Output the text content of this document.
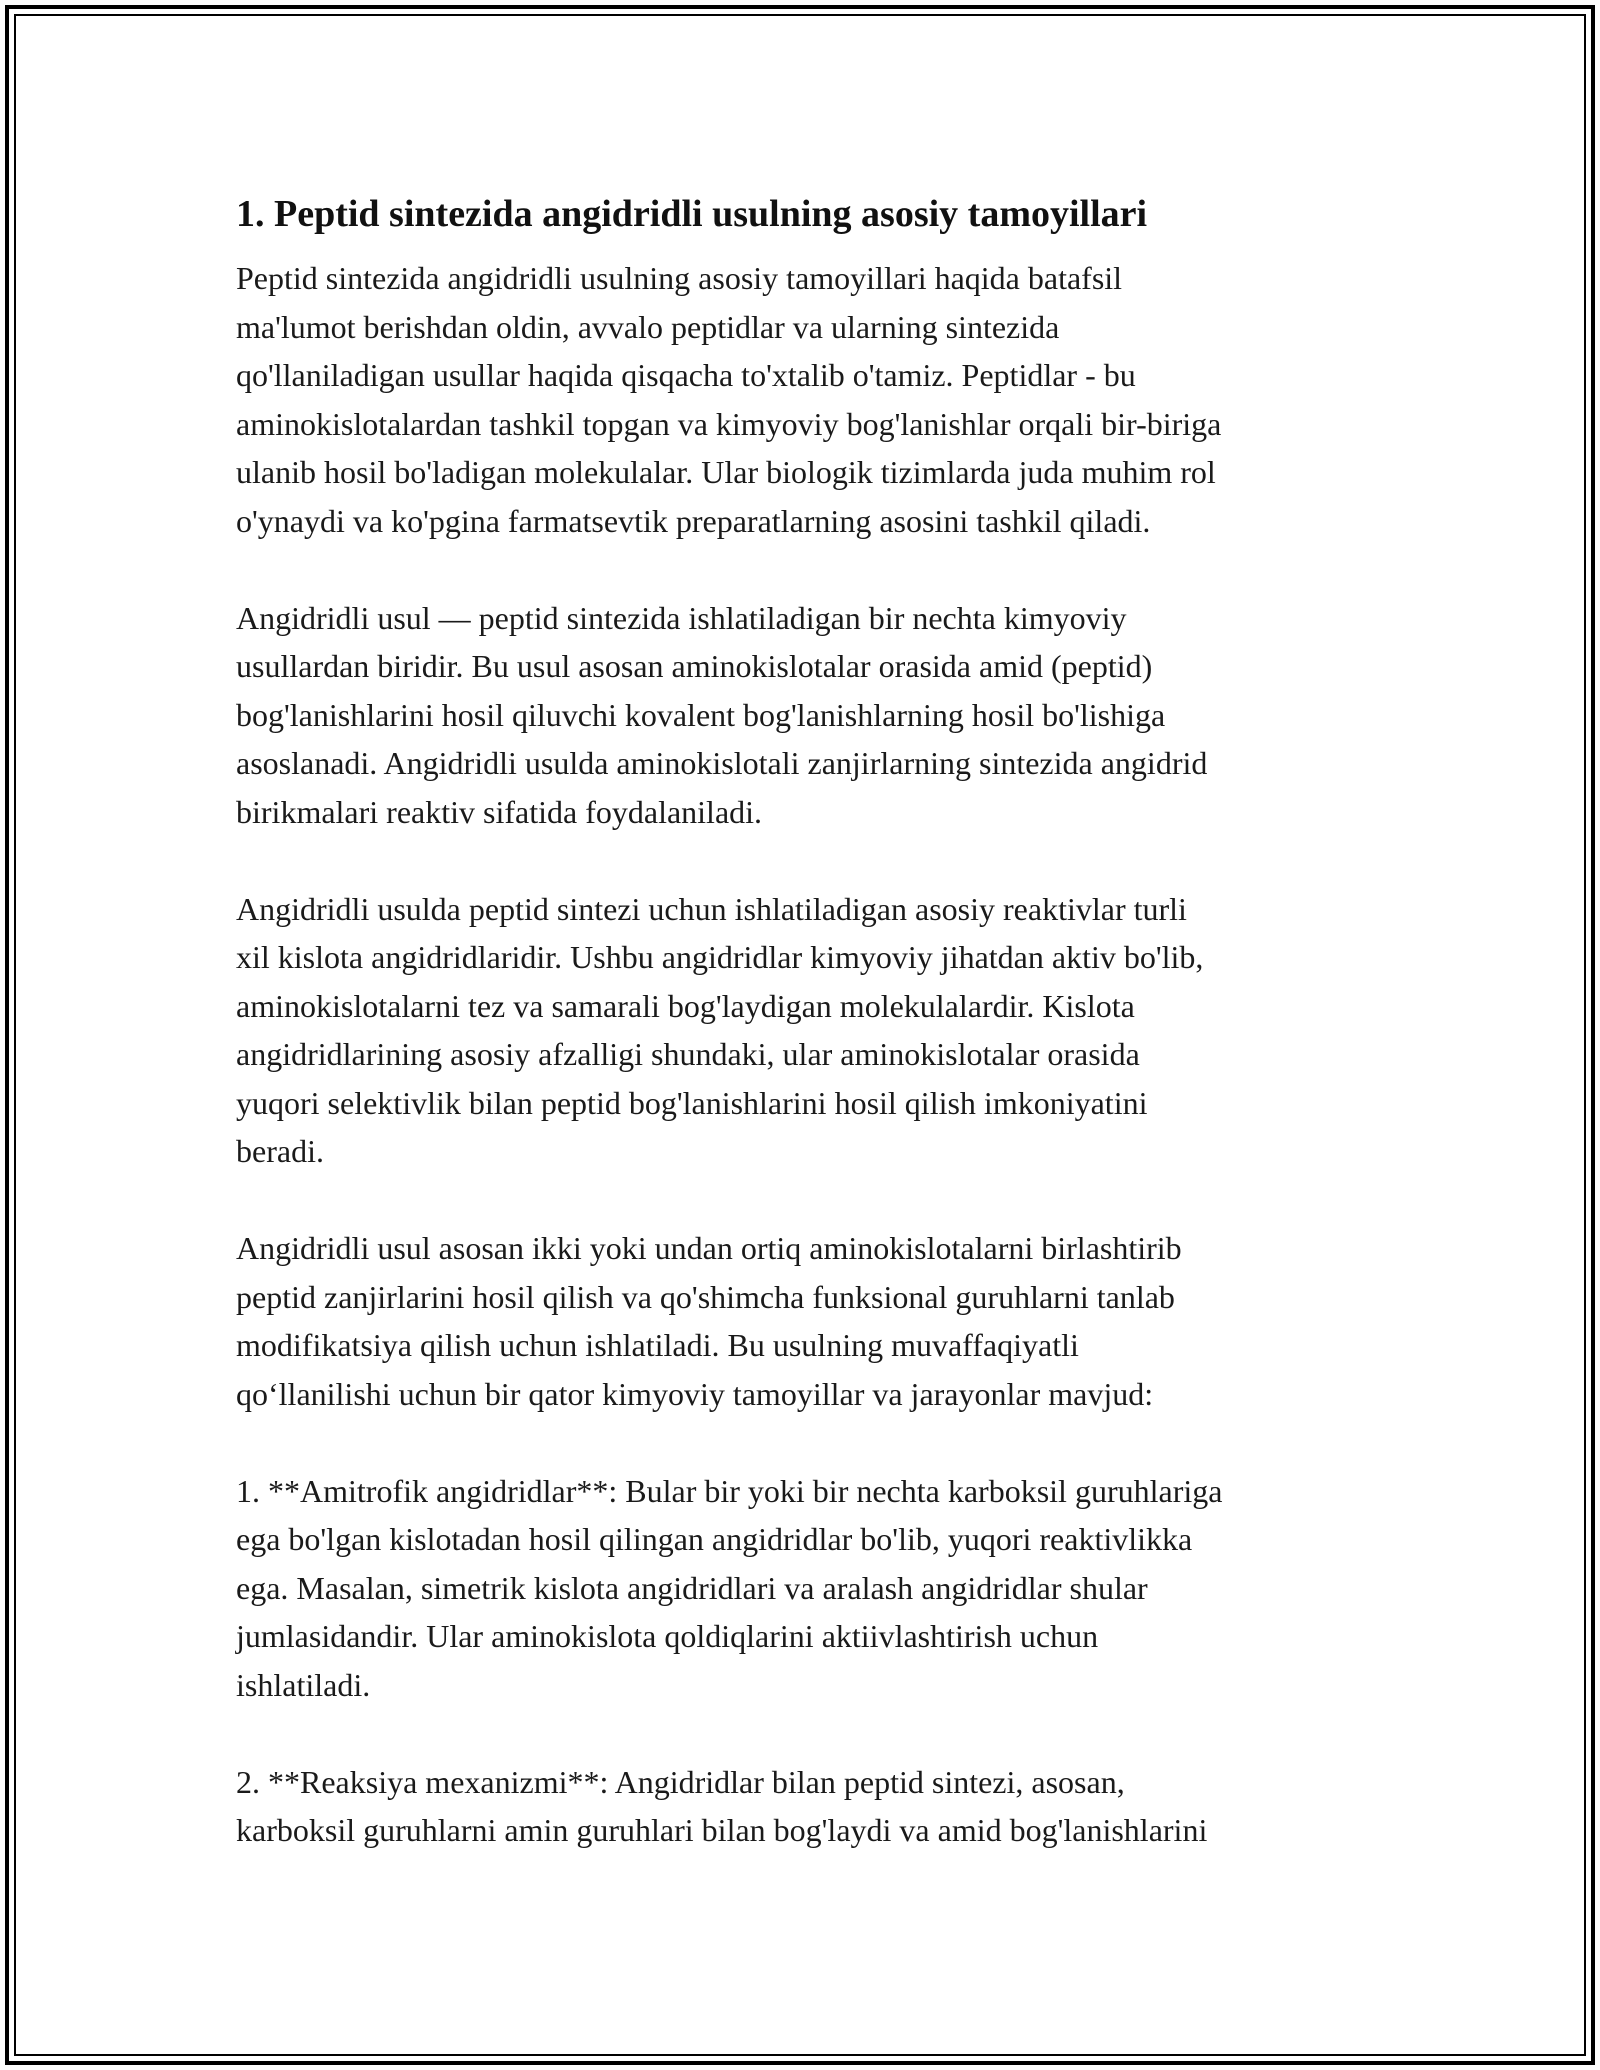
1. Peptid sintezida angidridli usulning asosiy tamoyillari
Peptid sintezida angidridli usulning asosiy tamoyillari haqida batafsil
ma'lumot berishdan oldin, avvalo peptidlar va ularning sintezida
qo'llaniladigan usullar haqida qisqacha to'xtalib o'tamiz. Peptidlar - bu
aminokislotalardan tashkil topgan va kimyoviy bog'lanishlar orqali bir-biriga
ulanib hosil bo'ladigan molekulalar. Ular biologik tizimlarda juda muhim rol
o'ynaydi va ko'pgina farmatsevtik preparatlarning asosini tashkil qiladi.
Angidridli usul — peptid sintezida ishlatiladigan bir nechta kimyoviy
usullardan biridir. Bu usul asosan aminokislotalar orasida amid (peptid)
bog'lanishlarini hosil qiluvchi kovalent bog'lanishlarning hosil bo'lishiga
asoslanadi. Angidridli usulda aminokislotali zanjirlarning sintezida angidrid
birikmalari reaktiv sifatida foydalaniladi.
Angidridli usulda peptid sintezi uchun ishlatiladigan asosiy reaktivlar turli
xil kislota angidridlaridir. Ushbu angidridlar kimyoviy jihatdan aktiv bo'lib,
aminokislotalarni tez va samarali bog'laydigan molekulalardir. Kislota
angidridlarining asosiy afzalligi shundaki, ular aminokislotalar orasida
yuqori selektivlik bilan peptid bog'lanishlarini hosil qilish imkoniyatini
beradi.
Angidridli usul asosan ikki yoki undan ortiq aminokislotalarni birlashtirib
peptid zanjirlarini hosil qilish va qo'shimcha funksional guruhlarni tanlab
modifikatsiya qilish uchun ishlatiladi. Bu usulning muvaffaqiyatli
qo‘llanilishi uchun bir qator kimyoviy tamoyillar va jarayonlar mavjud:
1. **Amitrofik angidridlar**: Bular bir yoki bir nechta karboksil guruhlariga
ega bo'lgan kislotadan hosil qilingan angidridlar bo'lib, yuqori reaktivlikka
ega. Masalan, simetrik kislota angidridlari va aralash angidridlar shular
jumlasidandir. Ular aminokislota qoldiqlarini aktiivlashtirish uchun
ishlatiladi.
2. **Reaksiya mexanizmi**: Angidridlar bilan peptid sintezi, asosan,
karboksil guruhlarni amin guruhlari bilan bog'laydi va amid bog'lanishlarini
